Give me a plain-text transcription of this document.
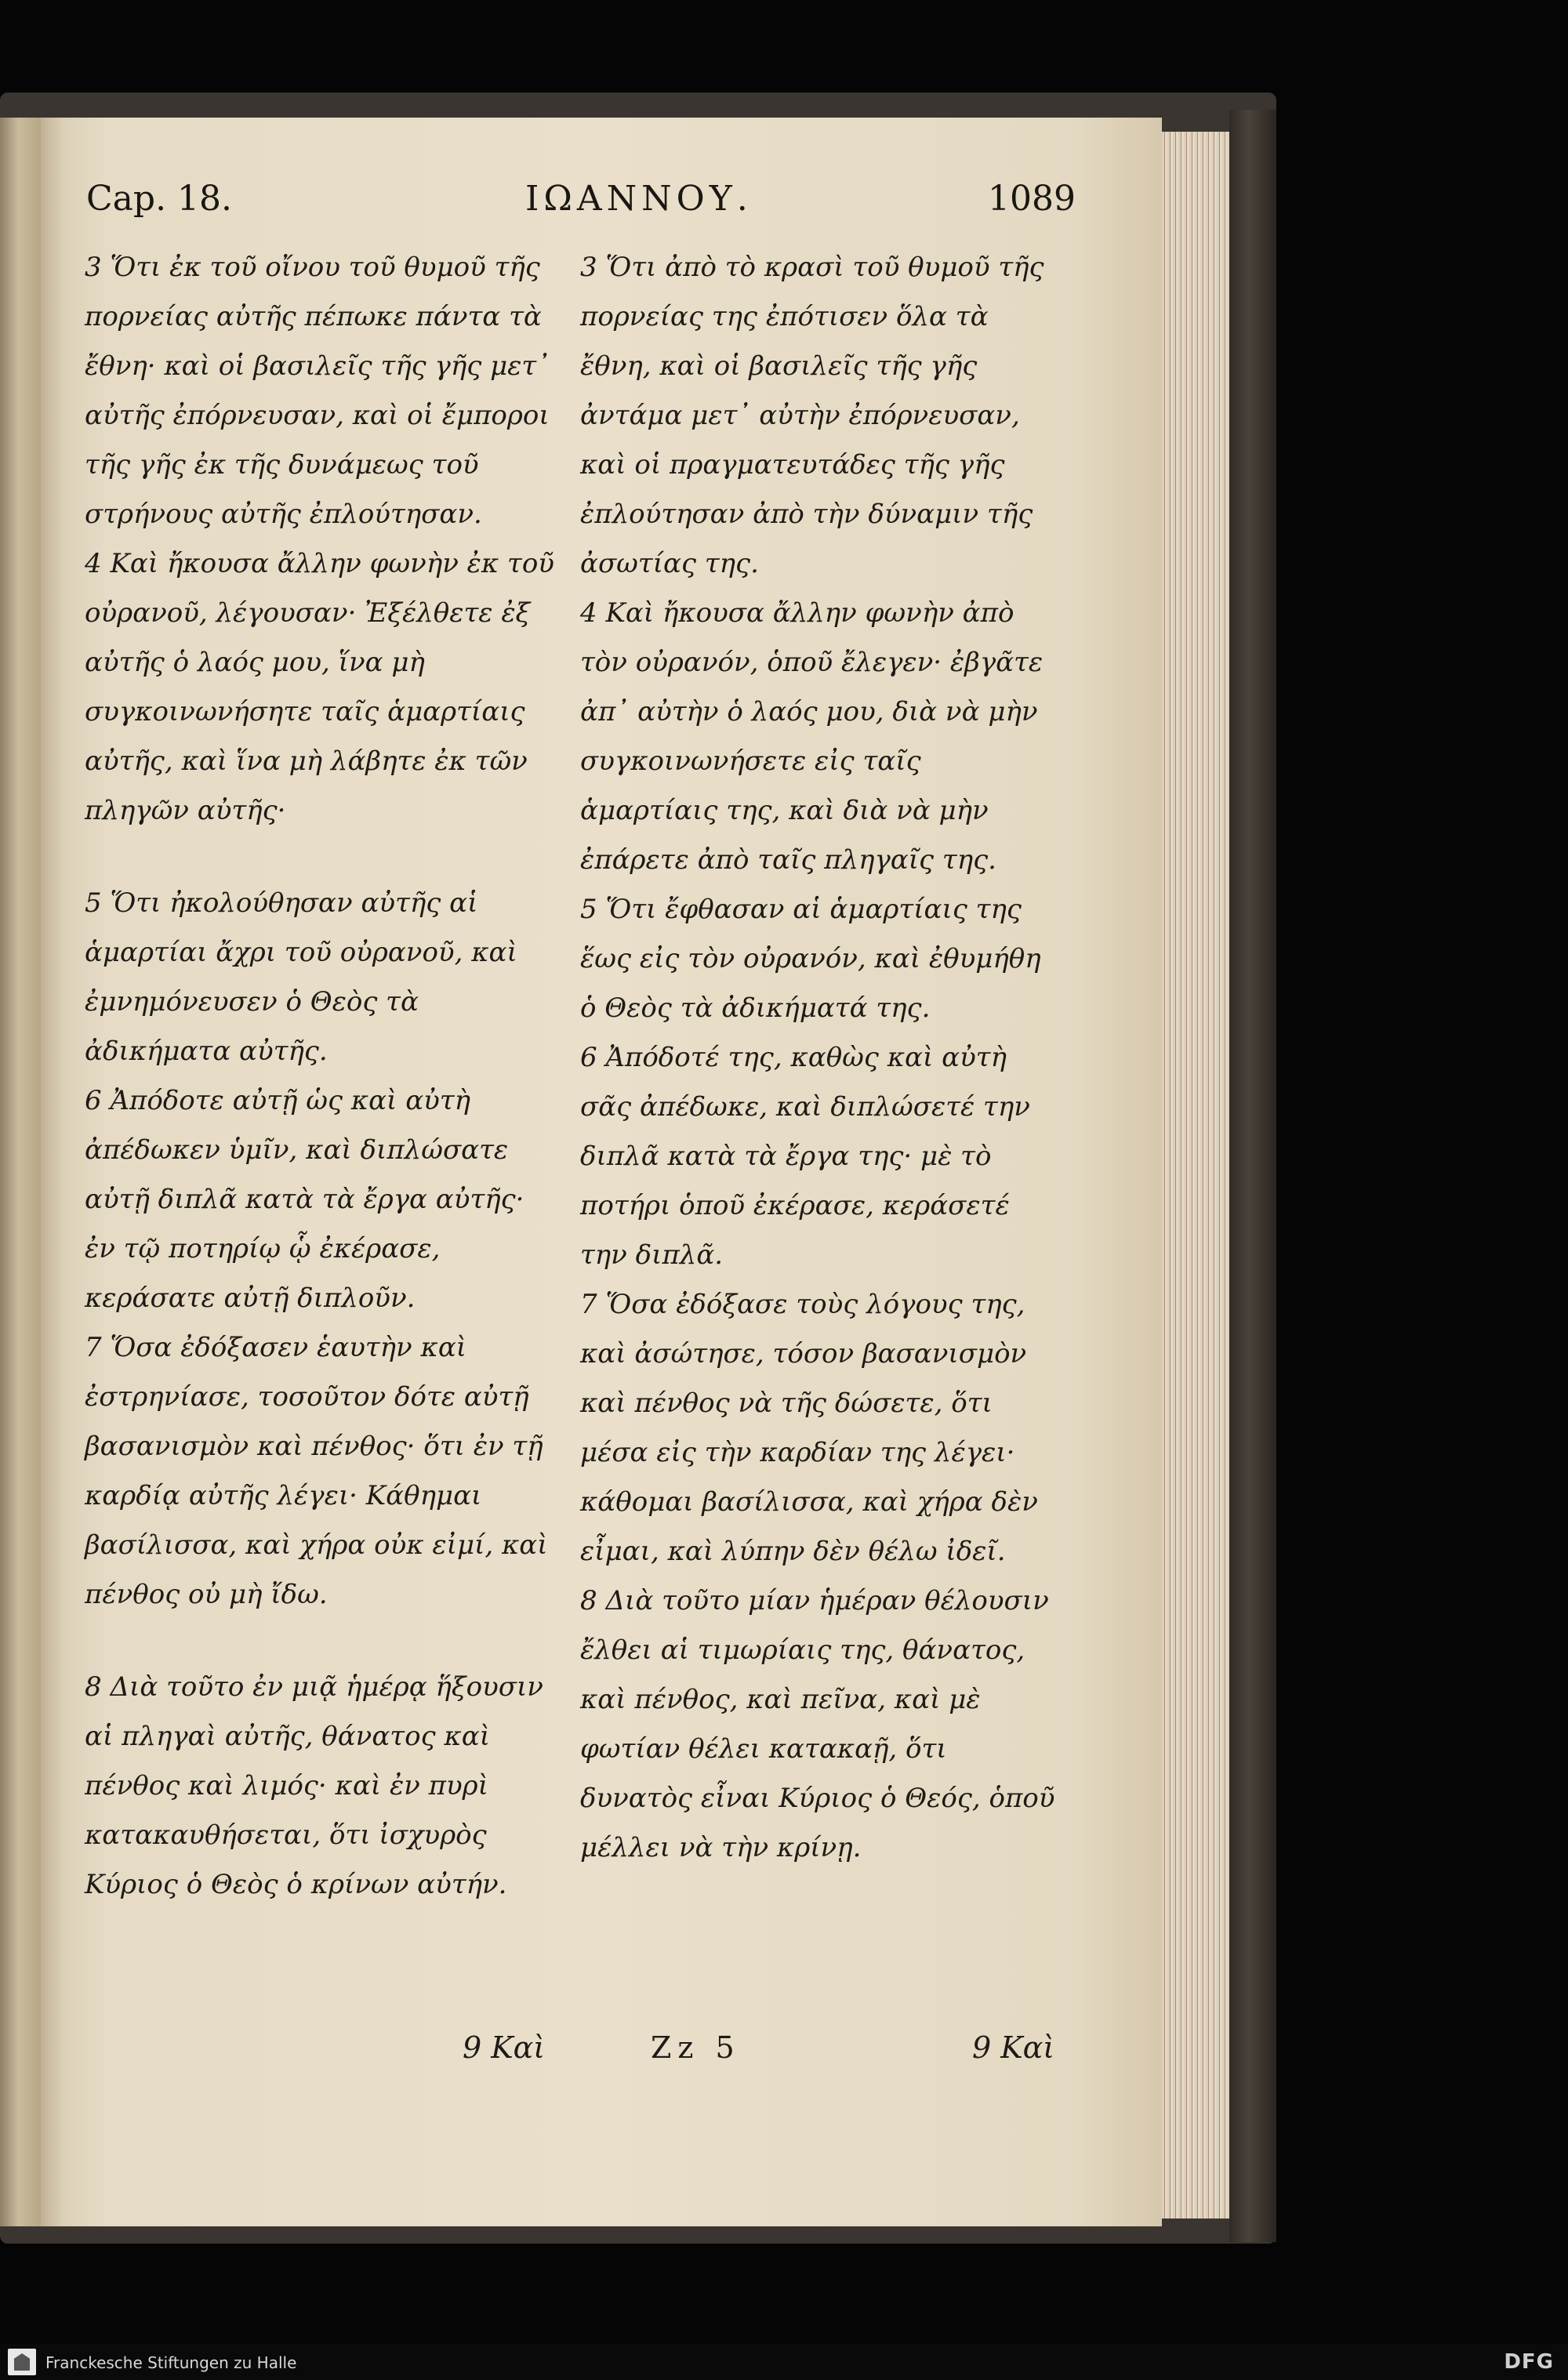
Cap. 18.	ΙΩΑΝΝΟΥ.	1089

3 Ὅτι ἐκ τοῦ οἴνου τοῦ θυμοῦ τῆς πορνείας αὐτῆς πέπωκε πάντα τὰ ἔθνη· καὶ οἱ βασιλεῖς τῆς γῆς μετ᾽ αὐτῆς ἐπόρνευσαν, καὶ οἱ ἔμποροι τῆς γῆς ἐκ τῆς δυνάμεως τοῦ στρήνους αὐτῆς ἐπλούτησαν.

4 Καὶ ἤκουσα ἄλλην φωνὴν ἐκ τοῦ οὐρανοῦ, λέγουσαν· Ἐξέλθετε ἐξ αὐτῆς ὁ λαός μου, ἵνα μὴ συγκοινωνήσητε ταῖς ἁμαρτίαις αὐτῆς, καὶ ἵνα μὴ λάβητε ἐκ τῶν πληγῶν αὐτῆς·

5 Ὅτι ἠκολούθησαν αὐτῆς αἱ ἁμαρτίαι ἄχρι τοῦ οὐρανοῦ, καὶ ἐμνημόνευσεν ὁ Θεὸς τὰ ἀδικήματα αὐτῆς.

6 Ἀπόδοτε αὐτῇ ὡς καὶ αὐτὴ ἀπέδωκεν ὑμῖν, καὶ διπλώσατε αὐτῇ διπλᾶ κατὰ τὰ ἔργα αὐτῆς· ἐν τῷ ποτηρίῳ ᾧ ἐκέρασε, κεράσατε αὐτῇ διπλοῦν.

7 Ὅσα ἐδόξασεν ἑαυτὴν καὶ ἐστρηνίασε, τοσοῦτον δότε αὐτῇ βασανισμὸν καὶ πένθος· ὅτι ἐν τῇ καρδίᾳ αὐτῆς λέγει· Κάθημαι βασίλισσα, καὶ χήρα οὐκ εἰμί, καὶ πένθος οὐ μὴ ἴδω.

8 Διὰ τοῦτο ἐν μιᾷ ἡμέρᾳ ἥξουσιν αἱ πληγαὶ αὐτῆς, θάνατος καὶ πένθος καὶ λιμός· καὶ ἐν πυρὶ κατακαυθήσεται, ὅτι ἰσχυρὸς Κύριος ὁ Θεὸς ὁ κρίνων αὐτήν.

3 Ὅτι ἀπὸ τὸ κρασὶ τοῦ θυμοῦ τῆς πορνείας της ἐπότισεν ὅλα τὰ ἔθνη, καὶ οἱ βασιλεῖς τῆς γῆς ἀντάμα μετ᾽ αὐτὴν ἐπόρνευσαν, καὶ οἱ πραγματευτάδες τῆς γῆς ἐπλούτησαν ἀπὸ τὴν δύναμιν τῆς ἀσωτίας της.

4 Καὶ ἤκουσα ἄλλην φωνὴν ἀπὸ τὸν οὐρανόν, ὁποῦ ἔλεγεν· ἐβγᾶτε ἀπ᾽ αὐτὴν ὁ λαός μου, διὰ νὰ μὴν συγκοινωνήσετε εἰς ταῖς ἁμαρτίαις της, καὶ διὰ νὰ μὴν ἐπάρετε ἀπὸ ταῖς πληγαῖς της.

5 Ὅτι ἔφθασαν αἱ ἁμαρτίαις της ἕως εἰς τὸν οὐρανόν, καὶ ἐθυμήθη ὁ Θεὸς τὰ ἀδικήματά της.

6 Ἀπόδοτέ της, καθὼς καὶ αὐτὴ σᾶς ἀπέδωκε, καὶ διπλώσετέ την διπλᾶ κατὰ τὰ ἔργα της· μὲ τὸ ποτήρι ὁποῦ ἐκέρασε, κεράσετέ την διπλᾶ.

7 Ὅσα ἐδόξασε τοὺς λόγους της, καὶ ἀσώτησε, τόσον βασανισμὸν καὶ πένθος νὰ τῆς δώσετε, ὅτι μέσα εἰς τὴν καρδίαν της λέγει· κάθομαι βασίλισσα, καὶ χήρα δὲν εἶμαι, καὶ λύπην δὲν θέλω ἰδεῖ.

8 Διὰ τοῦτο μίαν ἡμέραν θέλουσιν ἔλθει αἱ τιμωρίαις της, θάνατος, καὶ πένθος, καὶ πεῖνα, καὶ μὲ φωτίαν θέλει κατακαῇ, ὅτι δυνατὸς εἶναι Κύριος ὁ Θεός, ὁποῦ μέλλει νὰ τὴν κρίνῃ.

9 Καὶ	Zz 5	9 Καὶ
Franckesche Stiftungen zu Halle	DFG
